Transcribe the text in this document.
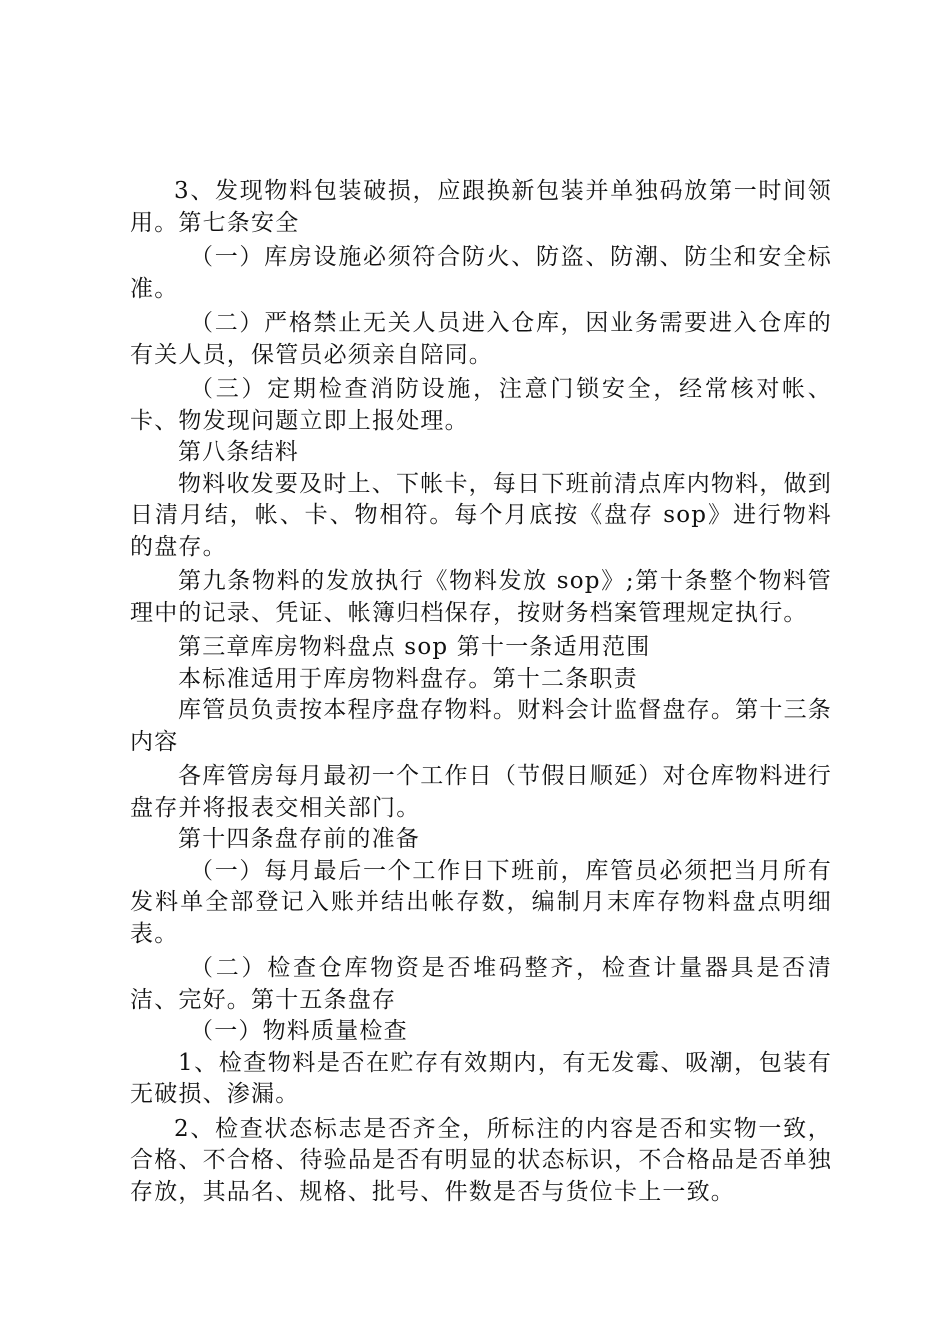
3、发现物料包装破损，应跟换新包装并单独码放第一时间领用。第七条安全

（一）库房设施必须符合防火、防盗、防潮、防尘和安全标准。

（二）严格禁止无关人员进入仓库，因业务需要进入仓库的有关人员，保管员必须亲自陪同。

（三）定期检查消防设施，注意门锁安全，经常核对帐、卡、物发现问题立即上报处理。

第八条结料

物料收发要及时上、下帐卡，每日下班前清点库内物料，做到日清月结，帐、卡、物相符。每个月底按《盘存 sop》进行物料的盘存。

第九条物料的发放执行《物料发放 sop》;第十条整个物料管理中的记录、凭证、帐簿归档保存，按财务档案管理规定执行。

第三章库房物料盘点 sop 第十一条适用范围

本标准适用于库房物料盘存。第十二条职责

库管员负责按本程序盘存物料。财料会计监督盘存。第十三条内容

各库管房每月最初一个工作日（节假日顺延）对仓库物料进行盘存并将报表交相关部门。

第十四条盘存前的准备

（一）每月最后一个工作日下班前，库管员必须把当月所有发料单全部登记入账并结出帐存数，编制月末库存物料盘点明细表。

（二）检查仓库物资是否堆码整齐，检查计量器具是否清洁、完好。第十五条盘存

（一）物料质量检查

1、检查物料是否在贮存有效期内，有无发霉、吸潮，包装有无破损、渗漏。

2、检查状态标志是否齐全，所标注的内容是否和实物一致，合格、不合格、待验品是否有明显的状态标识，不合格品是否单独存放，其品名、规格、批号、件数是否与货位卡上一致。
